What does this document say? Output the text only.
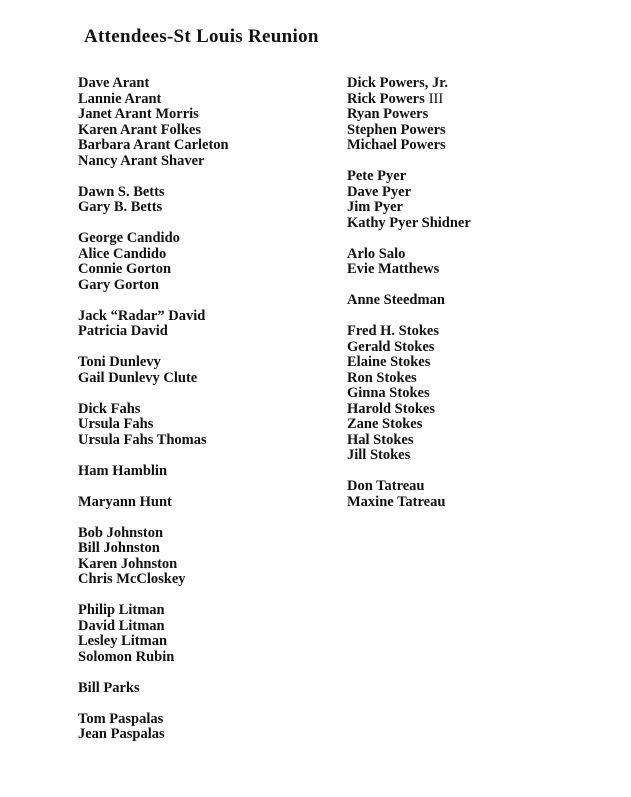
Attendees-St Louis Reunion
Dave Arant
Lannie Arant
Janet Arant Morris
Karen Arant Folkes
Barbara Arant Carleton
Nancy Arant Shaver
Dawn S. Betts
Gary B. Betts
George Candido
Alice Candido
Connie Gorton
Gary Gorton
Jack “Radar” David
Patricia David
Toni Dunlevy
Gail Dunlevy Clute
Dick Fahs
Ursula Fahs
Ursula Fahs Thomas
Ham Hamblin
Maryann Hunt
Bob Johnston
Bill Johnston
Karen Johnston
Chris McCloskey
Philip Litman
David Litman
Lesley Litman
Solomon Rubin
Bill Parks
Tom Paspalas
Jean Paspalas
Dick Powers, Jr.
Rick Powers III
Ryan Powers
Stephen Powers
Michael Powers
Pete Pyer
Dave Pyer
Jim Pyer
Kathy Pyer Shidner
Arlo Salo
Evie Matthews
Anne Steedman
Fred H. Stokes
Gerald Stokes
Elaine Stokes
Ron Stokes
Ginna Stokes
Harold Stokes
Zane Stokes
Hal Stokes
Jill Stokes
Don Tatreau
Maxine Tatreau
